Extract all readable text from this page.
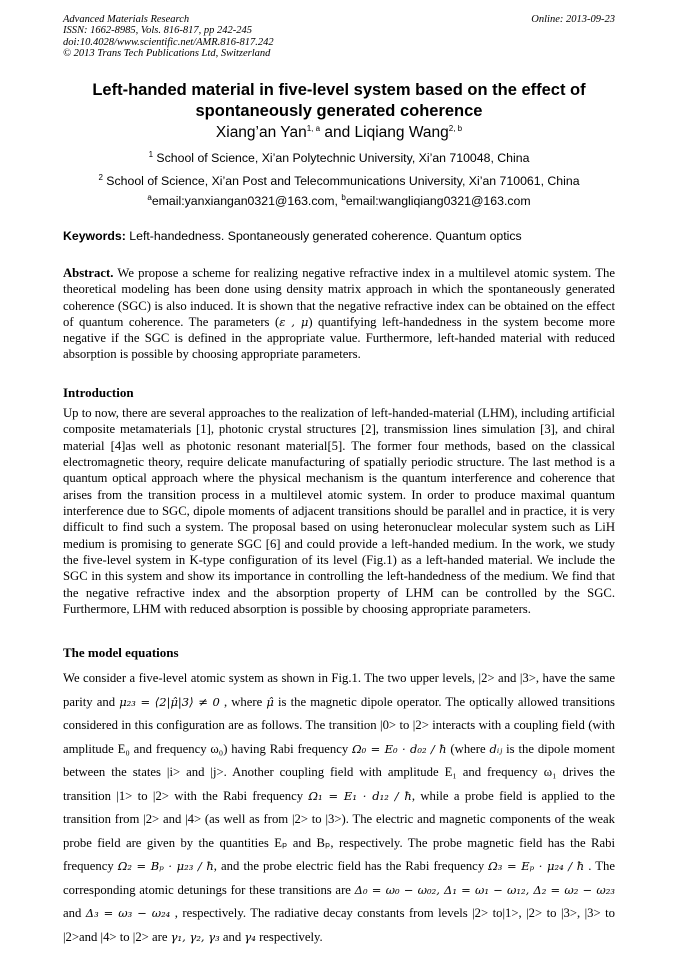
Advanced Materials Research
ISSN: 1662-8985, Vols. 816-817, pp 242-245
doi:10.4028/www.scientific.net/AMR.816-817.242
© 2013 Trans Tech Publications Ltd, Switzerland
Online: 2013-09-23
Left-handed material in five-level system based on the effect of spontaneously generated coherence
Xiang’an Yan$^{1, a}$ and Liqiang Wang$^{2, b}$
$^1$ School of Science, Xi’an Polytechnic University, Xi’an 710048, China
$^2$ School of Science, Xi’an Post and Telecommunications University, Xi’an 710061, China
$^a$email:yanxiangan0321@163.com, $^b$email:wangliqiang0321@163.com
Keywords: Left-handedness. Spontaneously generated coherence. Quantum optics
Abstract. We propose a scheme for realizing negative refractive index in a multilevel atomic system. The theoretical modeling has been done using density matrix approach in which the spontaneously generated coherence (SGC) is also induced. It is shown that the negative refractive index can be obtained on the effect of quantum coherence. The parameters (ε , μ) quantifying left-handedness in the system become more negative if the SGC is defined in the appropriate value. Furthermore, left-handed material with reduced absorption is possible by choosing appropriate parameters.
Introduction
Up to now, there are several approaches to the realization of left-handed-material (LHM), including artificial composite metamaterials [1], photonic crystal structures [2], transmission lines simulation [3], and chiral material [4]as well as photonic resonant material[5]. The former four methods, based on the classical electromagnetic theory, require delicate manufacturing of spatially periodic structure. The last method is a quantum optical approach where the physical mechanism is the quantum interference and coherence that arises from the transition process in a multilevel atomic system. In order to produce maximal quantum interference due to SGC, dipole moments of adjacent transitions should be parallel and in practice, it is very difficult to find such a system. The proposal based on using heteronuclear molecular system such as LiH medium is promising to generate SGC [6] and could provide a left-handed medium. In the work, we study the five-level system in K-type configuration of its level (Fig.1) as a left-handed material. We include the SGC in this system and show its importance in controlling the left-handedness of the medium. We find that the negative refractive index and the absorption property of LHM can be controlled by the SGC. Furthermore, LHM with reduced absorption is possible by choosing appropriate parameters.
The model equations
We consider a five-level atomic system as shown in Fig.1. The two upper levels, |2> and |3>, have the same parity and μ₂₃ = ⟨2|μ̂|3⟩ ≠ 0 , where μ̂ is the magnetic dipole operator. The optically allowed transitions considered in this configuration are as follows. The transition |0> to |2> interacts with a coupling field (with amplitude E₀ and frequency ω₀) having Rabi frequency Ω₀ = E₀ · d₀₂ / ħ (where dᵢⱼ is the dipole moment between the states |i> and |j>. Another coupling field with amplitude E₁ and frequency ω₁ drives the transition |1> to |2> with the Rabi frequency Ω₁ = E₁ · d₁₂ / ħ, while a probe field is applied to the transition from |2> and |4> (as well as from |2> to |3>). The electric and magnetic components of the weak probe field are given by the quantities Eₚ and Bₚ, respectively. The probe magnetic field has the Rabi frequency Ω₂ = Bₚ · μ₂₃ / ħ, and the probe electric field has the Rabi frequency Ω₃ = Eₚ · μ₂₄ / ħ . The corresponding atomic detunings for these transitions are Δ₀ = ω₀ − ω₀₂, Δ₁ = ω₁ − ω₁₂, Δ₂ = ω₂ − ω₂₃ and Δ₃ = ω₃ − ω₂₄ , respectively. The radiative decay constants from levels |2> to|1>, |2> to |3>, |3> to |2>and |4> to |2> are γ₁, γ₂, γ₃ and γ₄ respectively.
